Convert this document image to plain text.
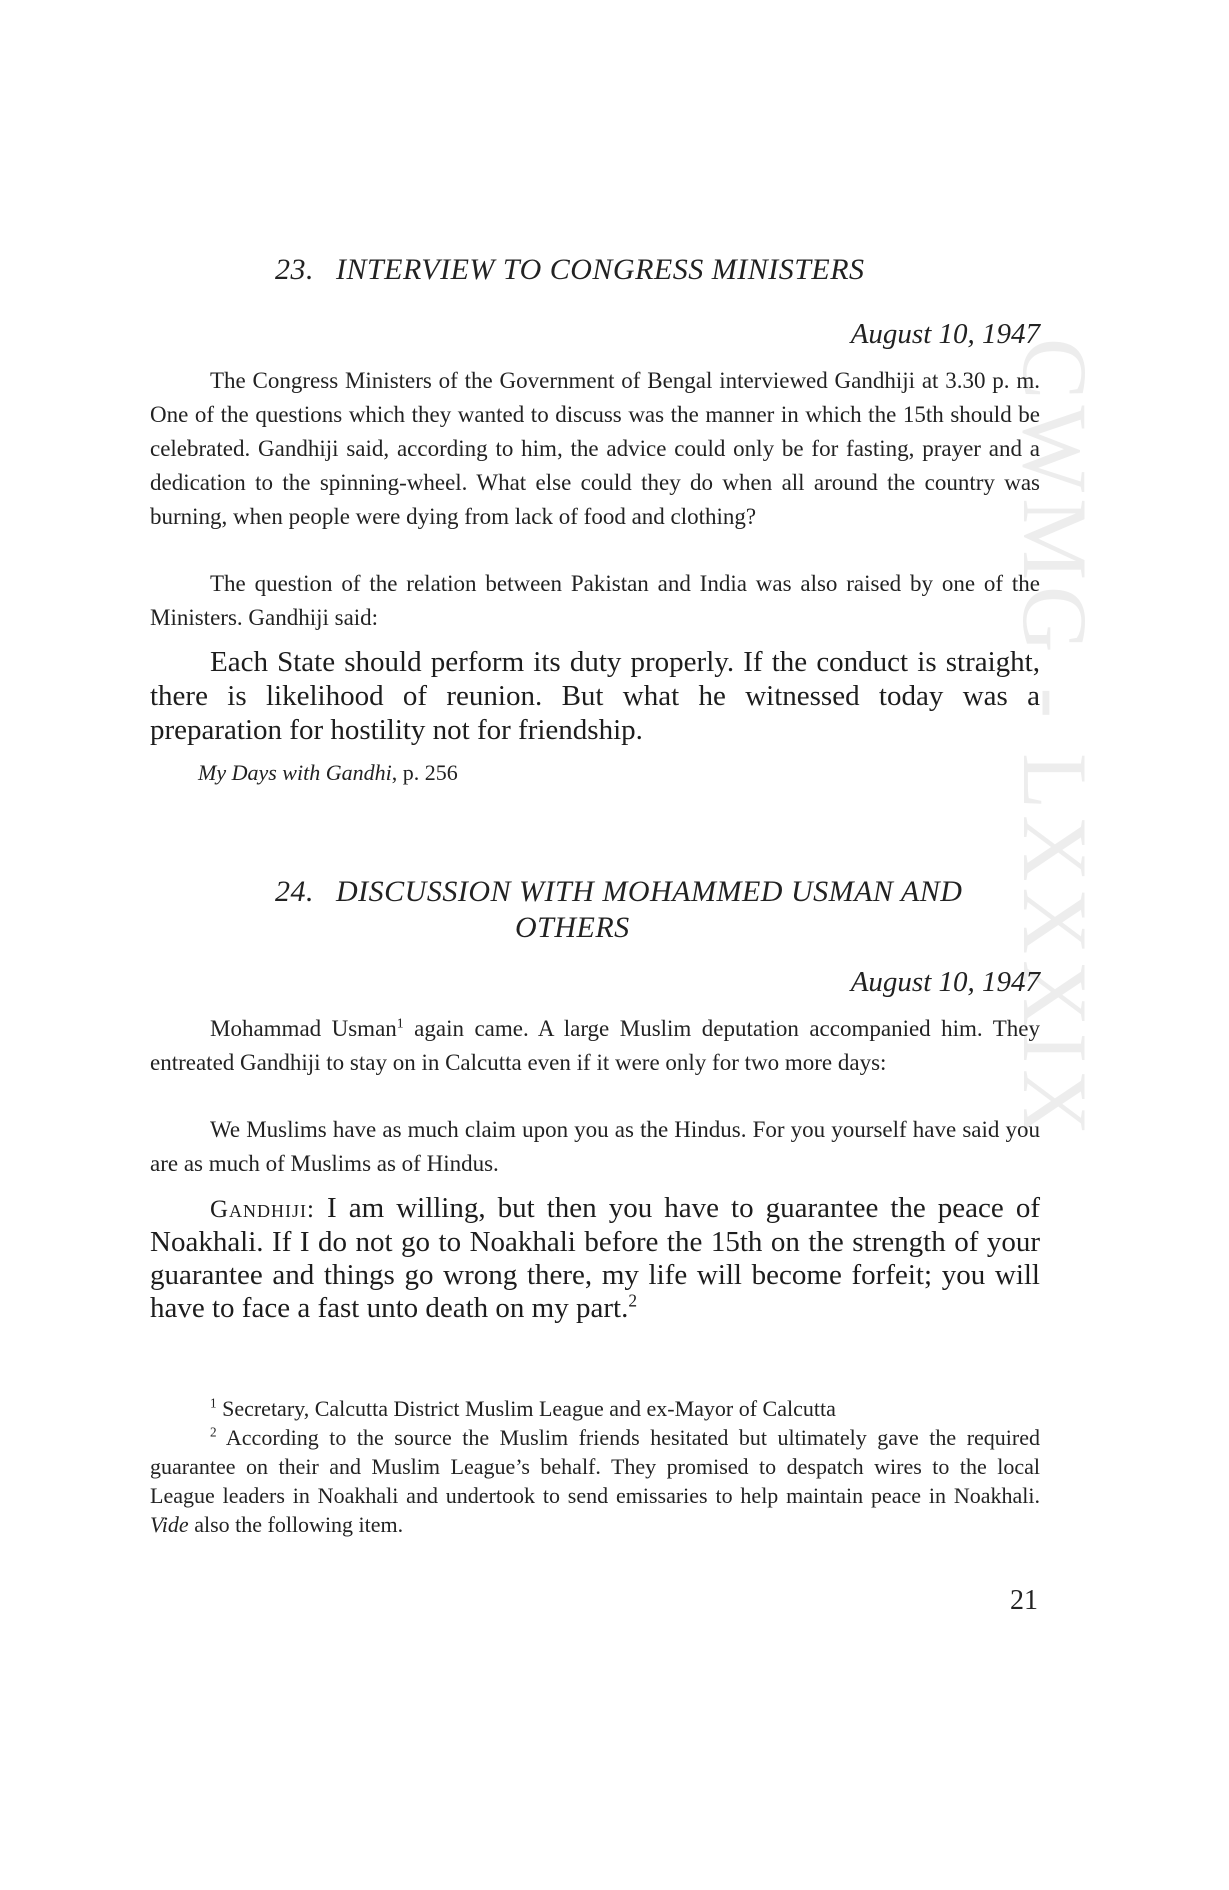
CWMG - LXXXIX
23. INTERVIEW TO CONGRESS MINISTERS
August 10, 1947

The Congress Ministers of the Government of Bengal interviewed Gandhiji at 3.30 p. m. One of the questions which they wanted to discuss was the manner in which the 15th should be celebrated. Gandhiji said, according to him, the advice could only be for fasting, prayer and a dedication to the spinning-wheel. What else could they do when all around the country was burning, when people were dying from lack of food and clothing?

The question of the relation between Pakistan and India was also raised by one of the Ministers. Gandhiji said:

Each State should perform its duty properly. If the conduct is straight, there is likelihood of reunion. But what he witnessed today was a preparation for hostility not for friendship.

My Days with Gandhi, p. 256
24. DISCUSSION WITH MOHAMMED USMAN AND
OTHERS
August 10, 1947

Mohammad Usman$^1$ again came. A large Muslim deputation accompanied him. They entreated Gandhiji to stay on in Calcutta even if it were only for two more days:

We Muslims have as much claim upon you as the Hindus. For you yourself have said you are as much of Muslims as of Hindus.

Gandhiji: I am willing, but then you have to guarantee the peace of Noakhali. If I do not go to Noakhali before the 15th on the strength of your guarantee and things go wrong there, my life will become forfeit; you will have to face a fast unto death on my part.$^2$

$^1$ Secretary, Calcutta District Muslim League and ex-Mayor of Calcutta

$^2$ According to the source the Muslim friends hesitated but ultimately gave the required guarantee on their and Muslim League’s behalf. They promised to despatch wires to the local League leaders in Noakhali and undertook to send emissaries to help maintain peace in Noakhali. Vide also the following item.

21
